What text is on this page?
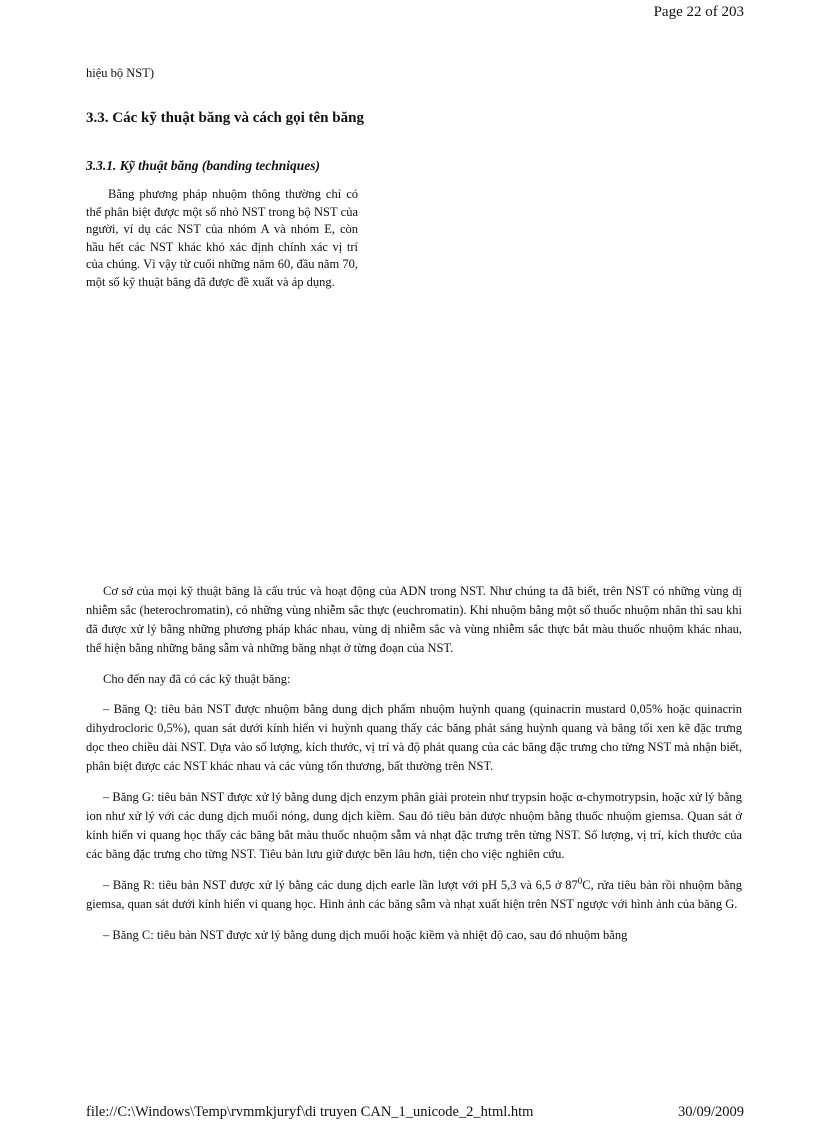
Page 22 of 203
hiệu bộ NST)
3.3. Các kỹ thuật băng và cách gọi tên băng
3.3.1. Kỹ thuật băng (banding techniques)

Bằng phương pháp nhuộm thông thường chỉ có thể phân biệt được một số nhỏ NST trong bộ NST của người, ví dụ các NST của nhóm A và nhóm E, còn hầu hết các NST khác khó xác định chính xác vị trí của chúng. Vì vậy từ cuối những năm 60, đầu năm 70, một số kỹ thuật băng đã được đề xuất và áp dụng.

Cơ sở của mọi kỹ thuật băng là cấu trúc và hoạt động của ADN trong NST. Như chúng ta đã biết, trên NST có những vùng dị nhiễm sắc (heterochromatin), có những vùng nhiễm sắc thực (euchromatin). Khi nhuộm bằng một số thuốc nhuộm nhân thì sau khi đã được xử lý bằng những phương pháp khác nhau, vùng dị nhiễm sắc và vùng nhiễm sắc thực bắt màu thuốc nhuộm khác nhau, thể hiện bằng những băng sẫm và những băng nhạt ở từng đoạn của NST.

Cho đến nay đã có các kỹ thuật băng:

– Băng Q: tiêu bản NST được nhuộm bằng dung dịch phẩm nhuộm huỳnh quang (quinacrin mustard 0,05% hoặc quinacrin dihydrocloric 0,5%), quan sát dưới kính hiển vi huỳnh quang thấy các băng phát sáng huỳnh quang và băng tối xen kẽ đặc trưng dọc theo chiều dài NST. Dựa vào số lượng, kích thước, vị trí và độ phát quang của các băng đặc trưng cho từng NST mà nhận biết, phân biệt được các NST khác nhau và các vùng tổn thương, bất thường trên NST.

– Băng G: tiêu bản NST được xử lý bằng dung dịch enzym phân giải protein như trypsin hoặc α-chymotrypsin, hoặc xử lý bằng ion như xử lý với các dung dịch muối nóng, dung dịch kiềm. Sau đó tiêu bản được nhuộm bằng thuốc nhuộm giemsa. Quan sát ở kính hiển vi quang học thấy các băng bắt màu thuốc nhuộm sẫm và nhạt đặc trưng trên từng NST. Số lượng, vị trí, kích thước của các băng đặc trưng cho từng NST. Tiêu bản lưu giữ được bền lâu hơn, tiện cho việc nghiên cứu.

– Băng R: tiêu bản NST được xử lý bằng các dung dịch earle lần lượt với pH 5,3 và 6,5 ở $87^0C$, rửa tiêu bản rồi nhuộm bằng giemsa, quan sát dưới kính hiển vi quang học. Hình ảnh các băng sẫm và nhạt xuất hiện trên NST ngược với hình ảnh của băng G.

– Băng C: tiêu bản NST được xử lý bằng dung dịch muối hoặc kiềm và nhiệt độ cao, sau đó nhuộm bằng

file://C:\Windows\Temp\rvmmkjuryf\di truyen CAN_1_unicode_2_html.htm	30/09/2009
